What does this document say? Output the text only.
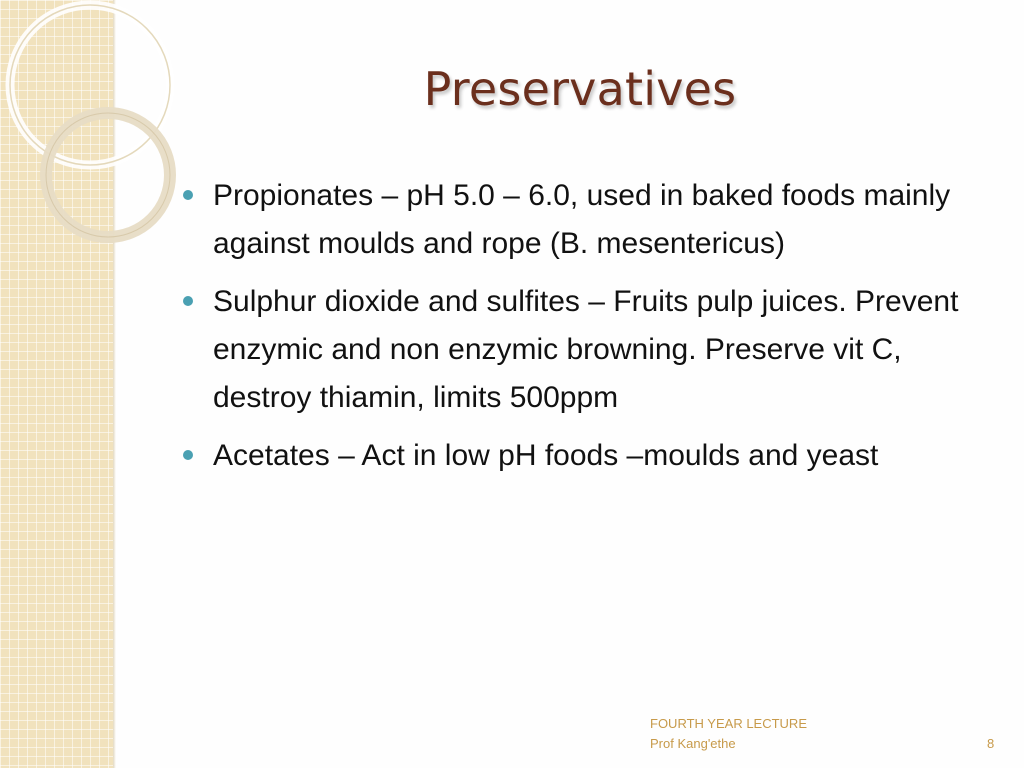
Preservatives
Propionates – pH 5.0 – 6.0, used in baked foods mainly against moulds and rope (B. mesentericus)
Sulphur dioxide and sulfites – Fruits pulp juices. Prevent enzymic and non enzymic browning. Preserve vit C, destroy thiamin, limits 500ppm
Acetates – Act in low pH foods –moulds and yeast
FOURTH YEAR LECTURE
Prof Kang'ethe	8
